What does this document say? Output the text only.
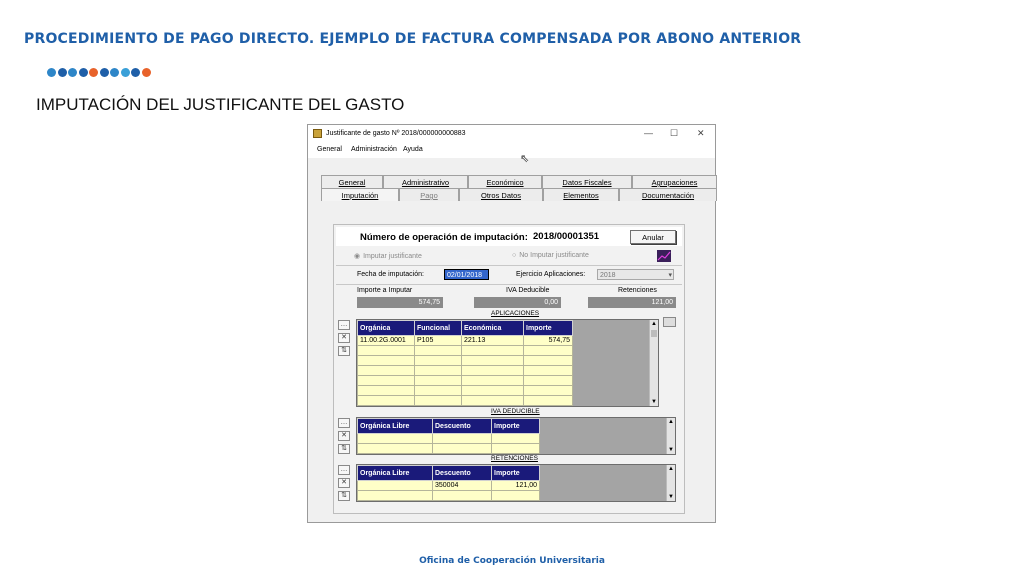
PROCEDIMIENTO DE PAGO DIRECTO. EJEMPLO DE FACTURA COMPENSADA POR ABONO ANTERIOR
IMPUTACIÓN DEL JUSTIFICANTE DEL GASTO
Justificante de gasto Nº 2018/000000000883	— ☐ ✕
General Administración Ayuda
⇖
General	Administrativo	Económico	Datos Fiscales	Agrupaciones
Imputación	Pago	Otros Datos	Elementos	Documentación
Número de operación de imputación: 2018/00001351	Anular
◉ Imputar justificante	○ No Imputar justificante
Fecha de imputación:	02/01/2018	Ejercicio Aplicaciones:	2018	▾
Importe a Imputar
574,75
IVA Deducible
0,00
Retenciones
121,00
APLICACIONES
…
✕
⇅
Orgánica	Funcional	Económica	Importe
11.00.2G.0001	P105	221.13	574,75

▲
▼
IVA DEDUCIBLE
…
✕
⇅
Orgánica Libre	Descuento	Importe

▲
▼
RETENCIONES
…
✕
⇅
Orgánica Libre	Descuento	Importe
	350004	121,00

▲
▼
Oficina de Cooperación Universitaria
